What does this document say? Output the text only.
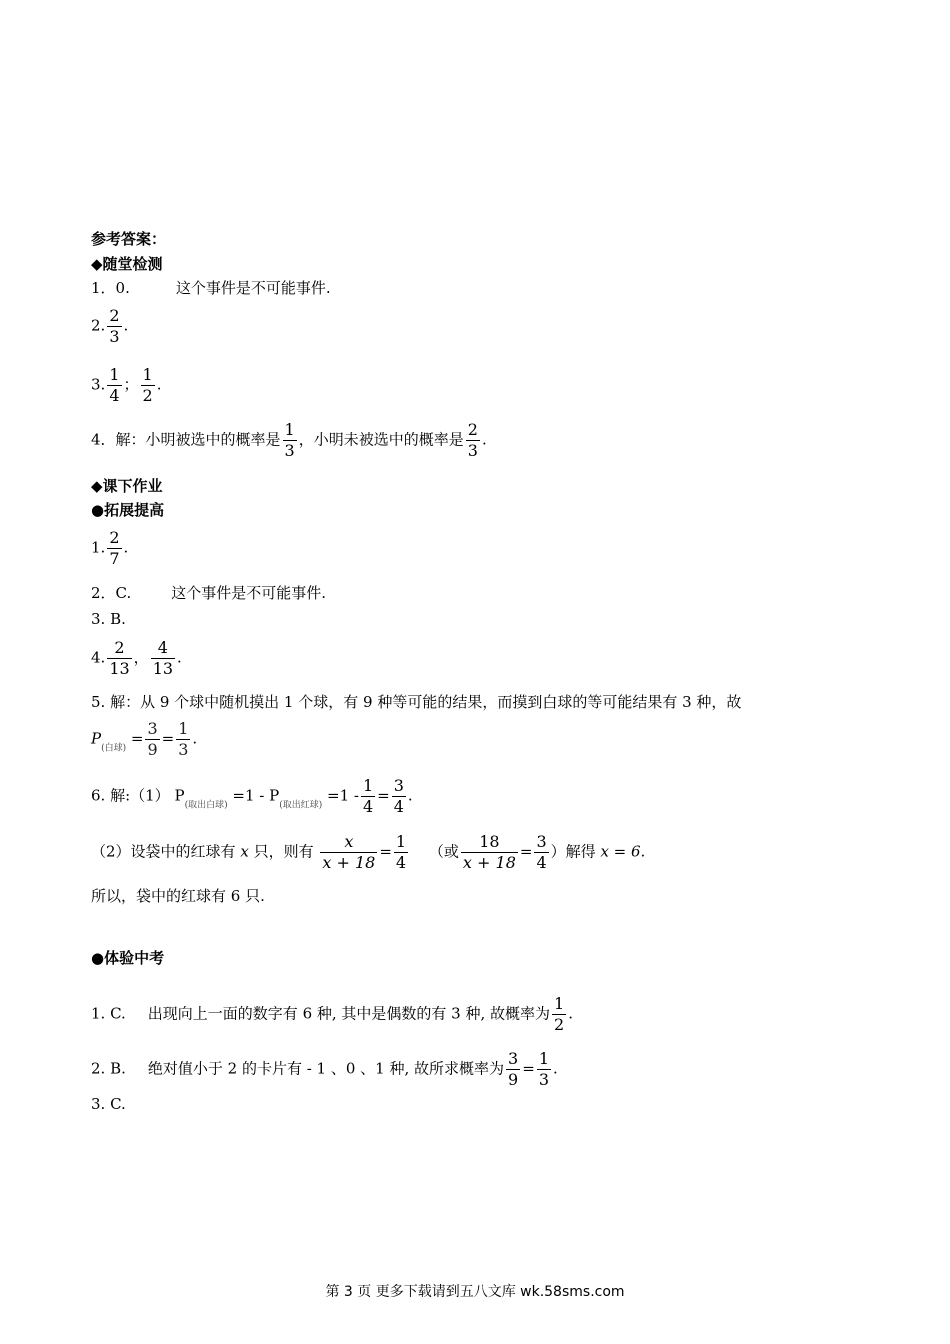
参考答案：
◆随堂检测
1．0.	这个事件是不可能事件.
2. $\frac{2}{3}$ .
3. $\frac{1}{4}$ ； $\frac{1}{2}$ .
4．解：小明被选中的概率是 $\frac{1}{3}$ ，小明未被选中的概率是 $\frac{2}{3}$ .
◆课下作业
●拓展提高
1. $\frac{2}{7}$ .
2．C.	这个事件是不可能事件.
3. B.
4. $\frac{2}{13}$ ， $\frac{4}{13}$ .
5. 解：从 9 个球中随机摸出 1 个球，有 9 种等可能的结果，而摸到白球的等可能结果有 3 种，故
$P_{(白球)} = \frac{3}{9} = \frac{1}{3}$ .
6. 解:（1） $P_{(取出白球)} =1 - P_{(取出红球)} =1 - \frac{1}{4} = \frac{3}{4}$ .
（2）设袋中的红球有 x 只，则有 $\frac{x}{x + 18} = \frac{1}{4}$ （或 $\frac{18}{x + 18} = \frac{3}{4}$ ）解得 x = 6.
所以，袋中的红球有 6 只.
●体验中考
1. C. 出现向上一面的数字有 6 种, 其中是偶数的有 3 种, 故概率为 $\frac{1}{2}$ .
2. B. 绝对值小于 2 的卡片有 - 1 、0 、1 种, 故所求概率为 $\frac{3}{9} = \frac{1}{3}$ .
3. C.
第 3 页 更多下载请到五八文库 wk.58sms.com
